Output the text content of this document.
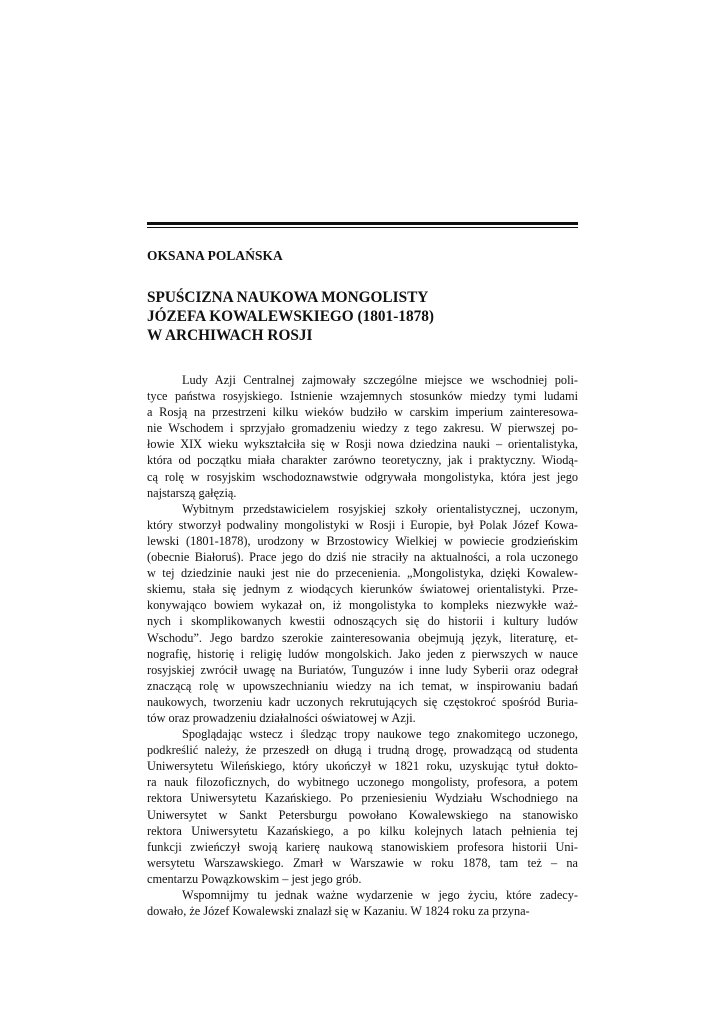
OKSANA POLAŃSKA
SPUŚCIZNA NAUKOWA MONGOLISTY
JÓZEFA KOWALEWSKIEGO (1801-1878)
W ARCHIWACH ROSJI
Ludy Azji Centralnej zajmowały szczególne miejsce we wschodniej poli-
tyce państwa rosyjskiego. Istnienie wzajemnych stosunków miedzy tymi ludami
a Rosją na przestrzeni kilku wieków budziło w carskim imperium zainteresowa-
nie Wschodem i sprzyjało gromadzeniu wiedzy z tego zakresu. W pierwszej po-
łowie XIX wieku wykształciła się w Rosji nowa dziedzina nauki – orientalistyka,
która od początku miała charakter zarówno teoretyczny, jak i praktyczny. Wiodą-
cą rolę w rosyjskim wschodoznawstwie odgrywała mongolistyka, która jest jego
najstarszą gałęzią.
Wybitnym przedstawicielem rosyjskiej szkoły orientalistycznej, uczonym,
który stworzył podwaliny mongolistyki w Rosji i Europie, był Polak Józef Kowa-
lewski (1801-1878), urodzony w Brzostowicy Wielkiej w powiecie grodzieńskim
(obecnie Białoruś). Prace jego do dziś nie straciły na aktualności, a rola uczonego
w tej dziedzinie nauki jest nie do przecenienia. „Mongolistyka, dzięki Kowalew-
skiemu, stała się jednym z wiodących kierunków światowej orientalistyki. Prze-
konywająco bowiem wykazał on, iż mongolistyka to kompleks niezwykłe waż-
nych i skomplikowanych kwestii odnoszących się do historii i kultury ludów
Wschodu”. Jego bardzo szerokie zainteresowania obejmują język, literaturę, et-
nografię, historię i religię ludów mongolskich. Jako jeden z pierwszych w nauce
rosyjskiej zwrócił uwagę na Buriatów, Tunguzów i inne ludy Syberii oraz odegrał
znaczącą rolę w upowszechnianiu wiedzy na ich temat, w inspirowaniu badań
naukowych, tworzeniu kadr uczonych rekrutujących się częstokroć spośród Buria-
tów oraz prowadzeniu działalności oświatowej w Azji.
Spoglądając wstecz i śledząc tropy naukowe tego znakomitego uczonego,
podkreślić należy, że przeszedł on długą i trudną drogę, prowadzącą od studenta
Uniwersytetu Wileńskiego, który ukończył w 1821 roku, uzyskując tytuł dokto-
ra nauk filozoficznych, do wybitnego uczonego mongolisty, profesora, a potem
rektora Uniwersytetu Kazańskiego. Po przeniesieniu Wydziału Wschodniego na
Uniwersytet w Sankt Petersburgu powołano Kowalewskiego na stanowisko
rektora Uniwersytetu Kazańskiego, a po kilku kolejnych latach pełnienia tej
funkcji zwieńczył swoją karierę naukową stanowiskiem profesora historii Uni-
wersytetu Warszawskiego. Zmarł w Warszawie w roku 1878, tam też – na
cmentarzu Powązkowskim – jest jego grób.
Wspomnijmy tu jednak ważne wydarzenie w jego życiu, które zadecy-
dowało, że Józef Kowalewski znalazł się w Kazaniu. W 1824 roku za przyna-
